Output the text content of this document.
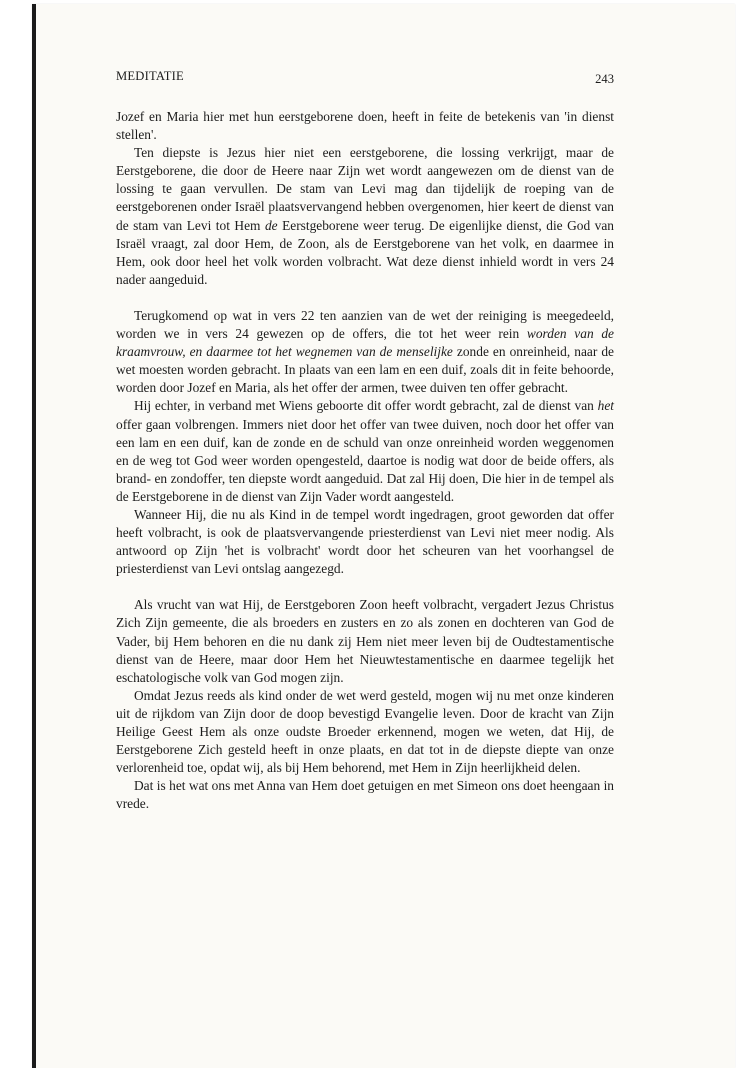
MEDITATIE	243

Jozef en Maria hier met hun eerstgeborene doen, heeft in feite de betekenis van 'in dienst stellen'.

Ten diepste is Jezus hier niet een eerstgeborene, die lossing verkrijgt, maar de Eerstgeborene, die door de Heere naar Zijn wet wordt aangewezen om de dienst van de lossing te gaan vervullen. De stam van Levi mag dan tijdelijk de roeping van de eerstgeborenen onder Israël plaatsvervangend hebben overgenomen, hier keert de dienst van de stam van Levi tot Hem de Eerstgeborene weer terug. De eigenlijke dienst, die God van Israël vraagt, zal door Hem, de Zoon, als de Eerstgeborene van het volk, en daarmee in Hem, ook door heel het volk worden volbracht. Wat deze dienst inhield wordt in vers 24 nader aangeduid.

Terugkomend op wat in vers 22 ten aanzien van de wet der reiniging is meegedeeld, worden we in vers 24 gewezen op de offers, die tot het weer rein worden van de kraamvrouw, en daarmee tot het wegnemen van de menselijke zonde en onreinheid, naar de wet moesten worden gebracht. In plaats van een lam en een duif, zoals dit in feite behoorde, worden door Jozef en Maria, als het offer der armen, twee duiven ten offer gebracht.

Hij echter, in verband met Wiens geboorte dit offer wordt gebracht, zal de dienst van het offer gaan volbrengen. Immers niet door het offer van twee duiven, noch door het offer van een lam en een duif, kan de zonde en de schuld van onze onreinheid worden weggenomen en de weg tot God weer worden opengesteld, daartoe is nodig wat door de beide offers, als brand- en zondoffer, ten diepste wordt aangeduid. Dat zal Hij doen, Die hier in de tempel als de Eerstgeborene in de dienst van Zijn Vader wordt aangesteld.

Wanneer Hij, die nu als Kind in de tempel wordt ingedragen, groot geworden dat offer heeft volbracht, is ook de plaatsvervangende priesterdienst van Levi niet meer nodig. Als antwoord op Zijn 'het is volbracht' wordt door het scheuren van het voorhangsel de priesterdienst van Levi ontslag aangezegd.

Als vrucht van wat Hij, de Eerstgeboren Zoon heeft volbracht, vergadert Jezus Christus Zich Zijn gemeente, die als broeders en zusters en zo als zonen en dochteren van God de Vader, bij Hem behoren en die nu dank zij Hem niet meer leven bij de Oudtestamentische dienst van de Heere, maar door Hem het Nieuwtestamentische en daarmee tegelijk het eschatologische volk van God mogen zijn.

Omdat Jezus reeds als kind onder de wet werd gesteld, mogen wij nu met onze kinderen uit de rijkdom van Zijn door de doop bevestigd Evangelie leven. Door de kracht van Zijn Heilige Geest Hem als onze oudste Broeder erkennend, mogen we weten, dat Hij, de Eerstgeborene Zich gesteld heeft in onze plaats, en dat tot in de diepste diepte van onze verlorenheid toe, opdat wij, als bij Hem behorend, met Hem in Zijn heerlijkheid delen.

Dat is het wat ons met Anna van Hem doet getuigen en met Simeon ons doet heengaan in vrede.
